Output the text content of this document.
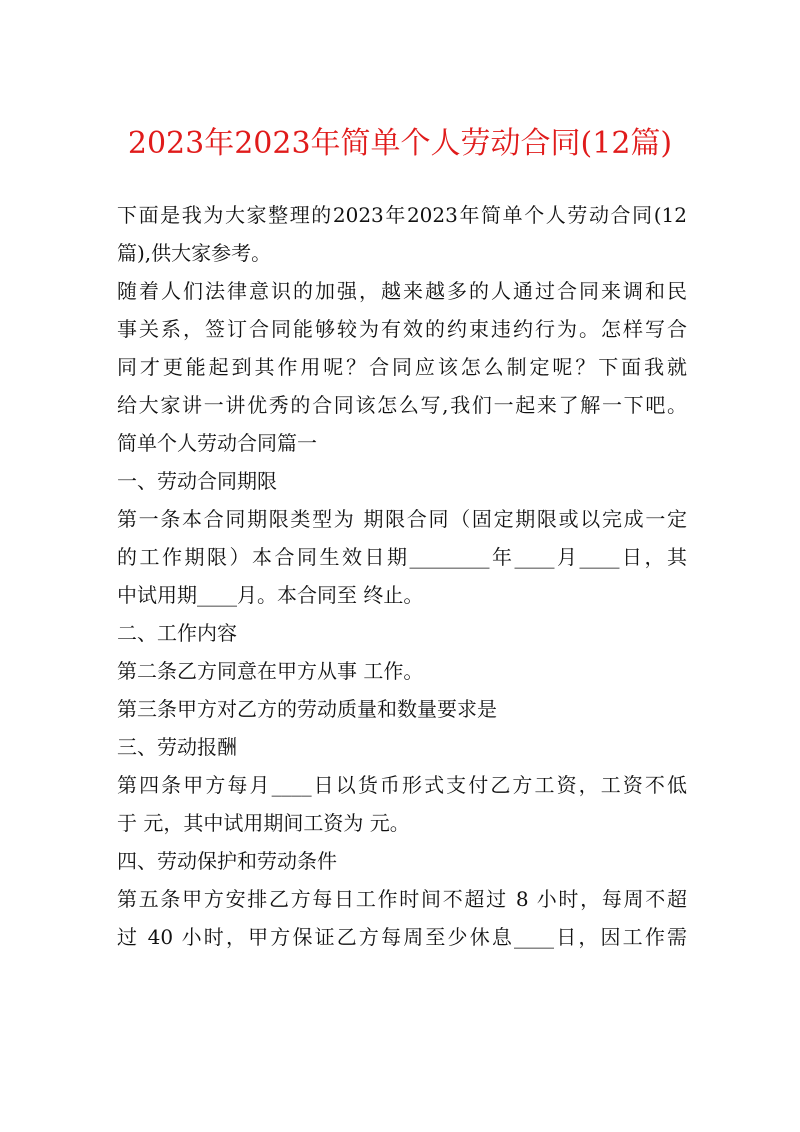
2023年2023年简单个人劳动合同(12篇)
下面是我为大家整理的2023年2023年简单个人劳动合同(12
篇),供大家参考。
随着人们法律意识的加强，越来越多的人通过合同来调和民
事关系，签订合同能够较为有效的约束违约行为。怎样写合
同才更能起到其作用呢？合同应该怎么制定呢？下面我就
给大家讲一讲优秀的合同该怎么写,我们一起来了解一下吧。
简单个人劳动合同篇一
一、劳动合同期限
第一条本合同期限类型为 期限合同（固定期限或以完成一定
的工作期限）本合同生效日期________年____月____日，其
中试用期____月。本合同至 终止。
二、工作内容
第二条乙方同意在甲方从事 工作。
第三条甲方对乙方的劳动质量和数量要求是
三、劳动报酬
第四条甲方每月____日以货币形式支付乙方工资，工资不低
于 元，其中试用期间工资为 元。
四、劳动保护和劳动条件
第五条甲方安排乙方每日工作时间不超过 8 小时，每周不超
过 40 小时，甲方保证乙方每周至少休息____日，因工作需
